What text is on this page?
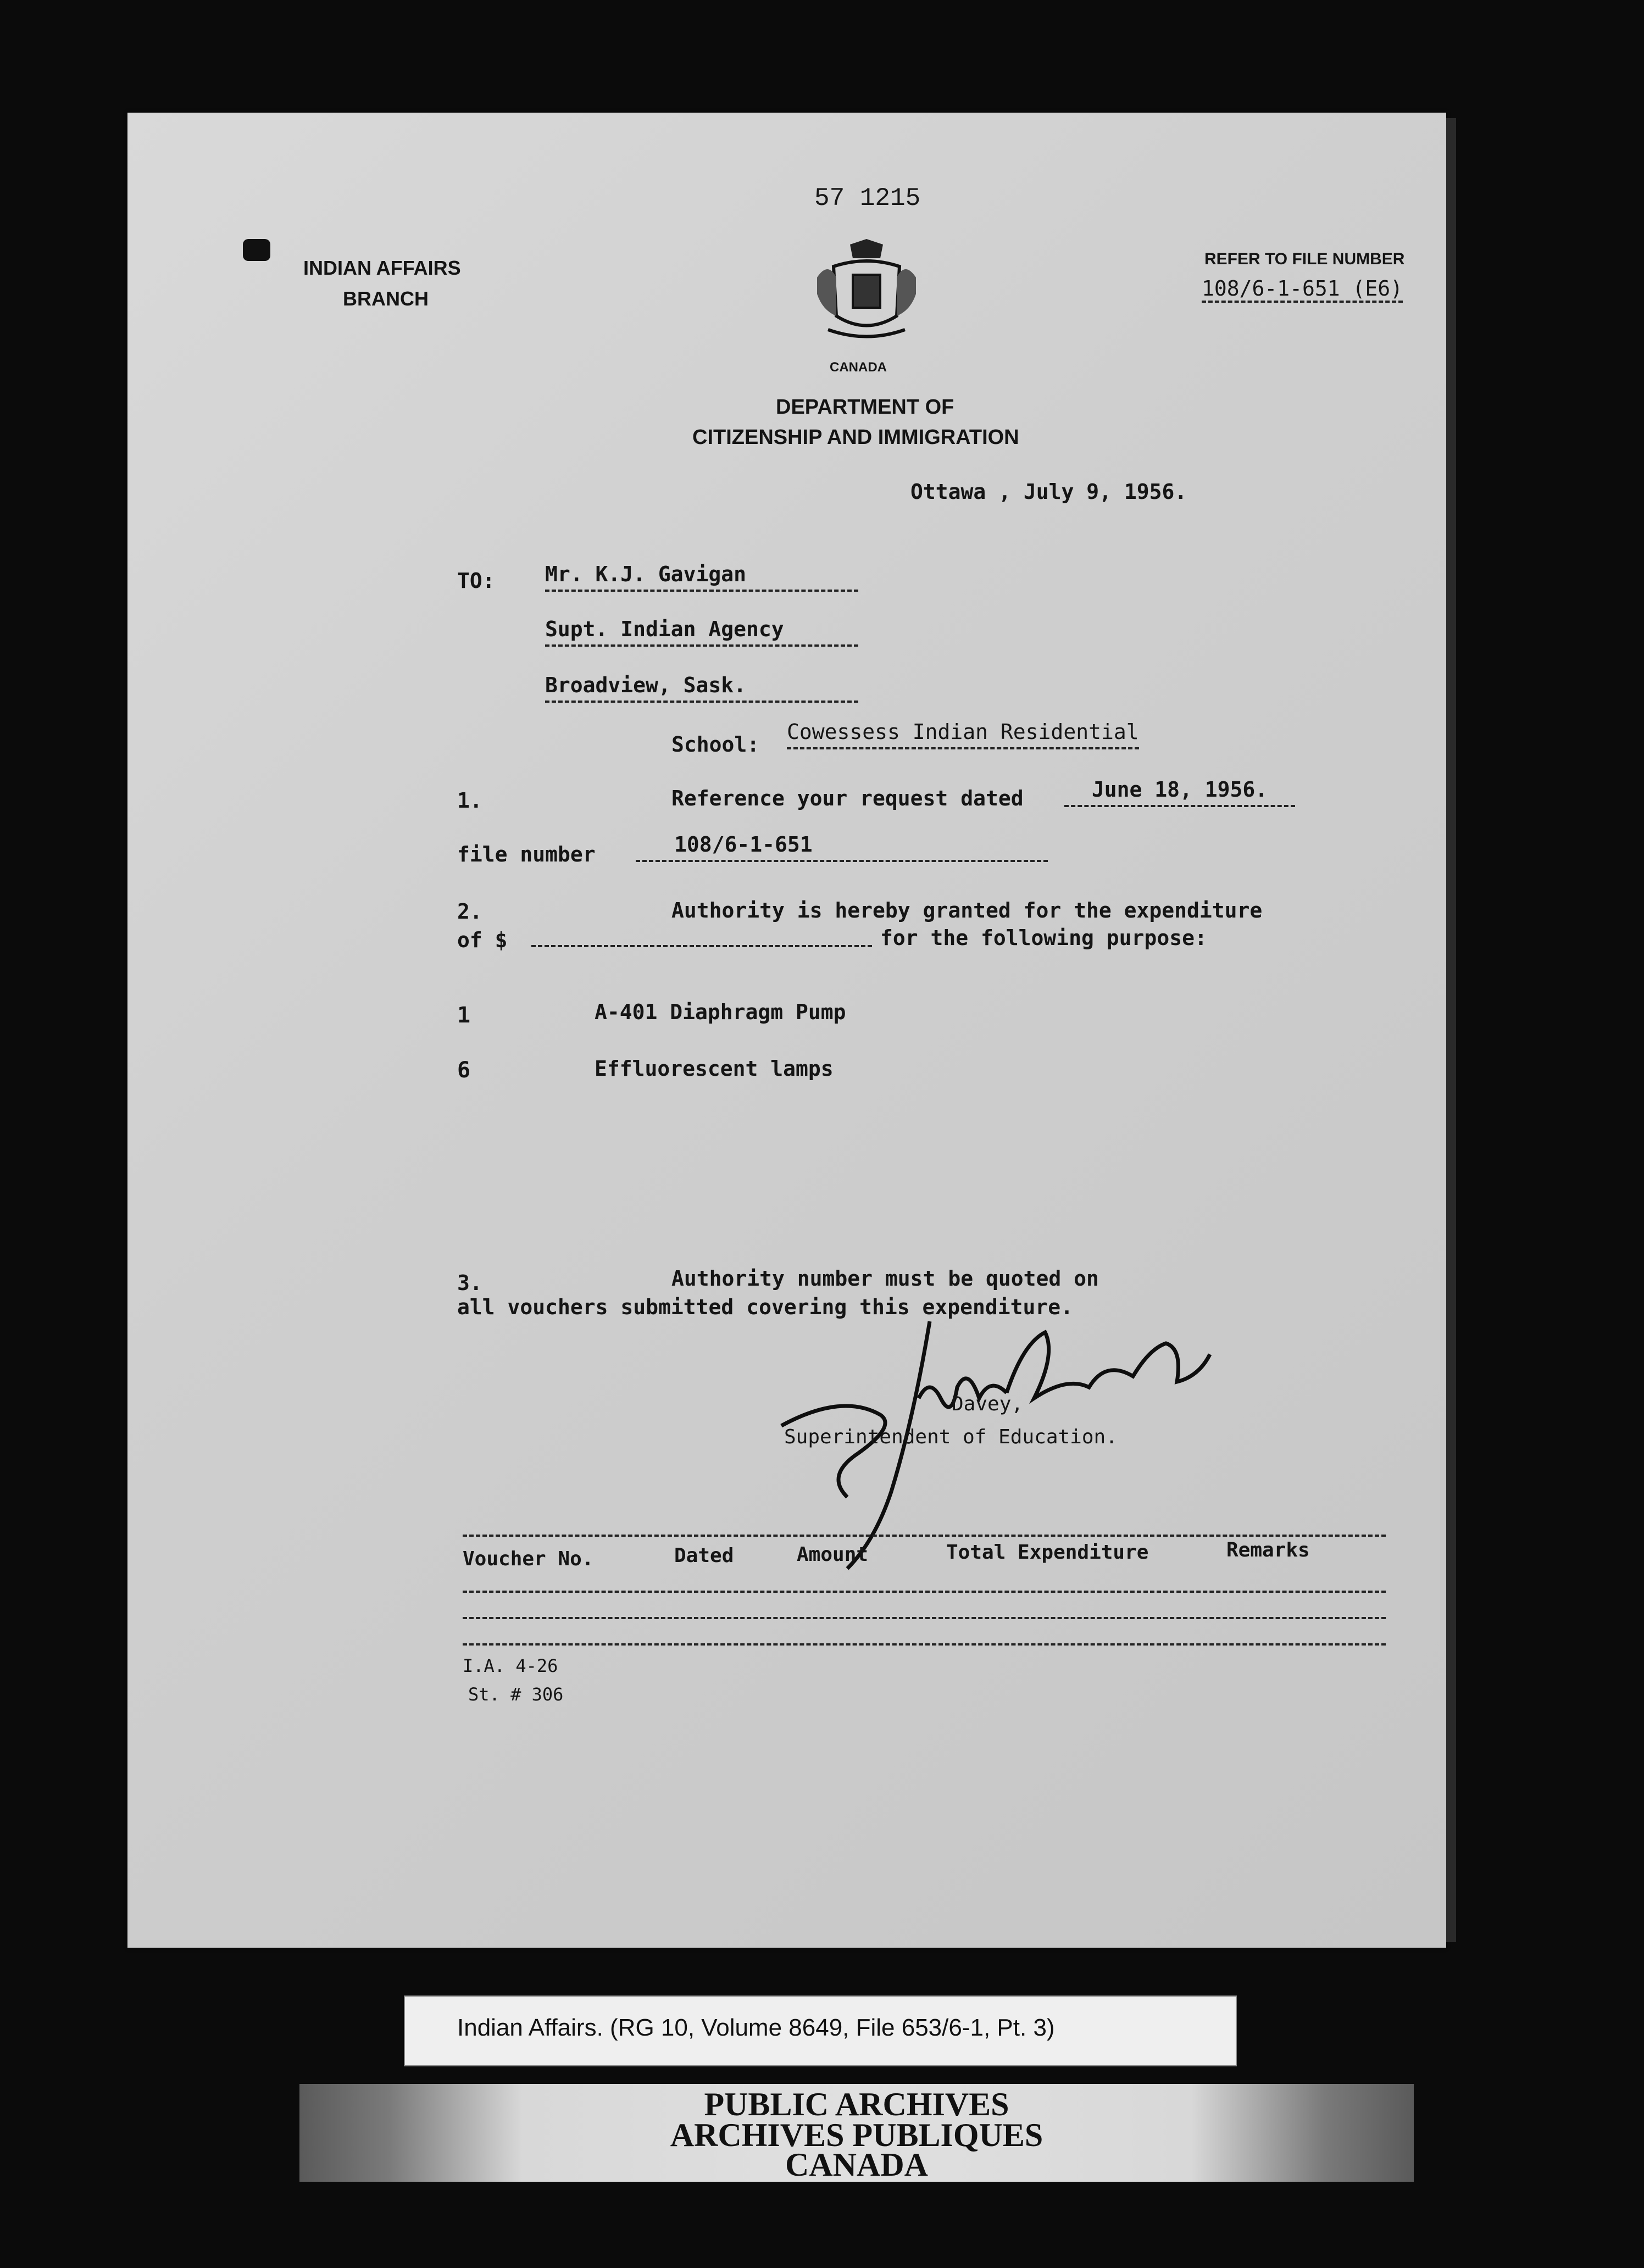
57 1215
INDIAN AFFAIRS
BRANCH
CANADA
DEPARTMENT OF
CITIZENSHIP AND IMMIGRATION
REFER TO FILE NUMBER
108/6-1-651 (E6)
Ottawa , July 9, 1956.
TO: Mr. K.J. Gavigan
Supt. Indian Agency
Broadview, Sask.
School:
Cowessess Indian Residential
1.	Reference your request dated	June 18, 1956.
file number	108/6-1-651
2.	Authority is hereby granted for the expenditure
of $	for the following purpose:
1	A-401 Diaphragm Pump
6	Effluorescent lamps
3.	Authority number must be quoted on
all vouchers submitted covering this expenditure.
Davey,
Superintendent of Education.
Voucher No.	Dated	Amount	Total Expenditure	Remarks
I.A. 4-26
St. # 306
Indian Affairs. (RG 10, Volume 8649, File 653/6-1, Pt. 3)
PUBLIC ARCHIVES
ARCHIVES PUBLIQUES
CANADA
